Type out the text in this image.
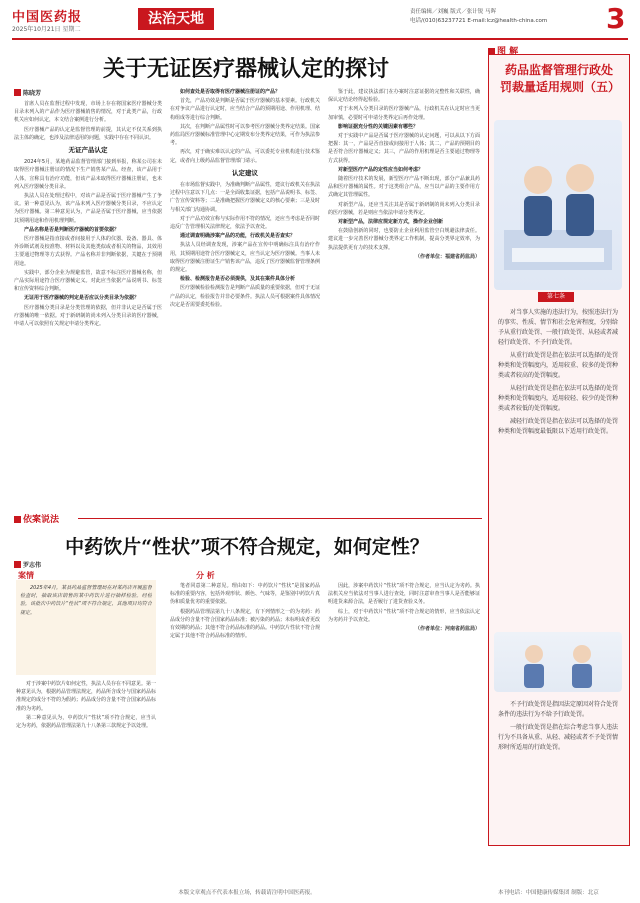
中国医药报
2025年10月21日 星期二
法治天地	责任编辑／刘巍 版式／张计锐 马晖
电话/(010)63237721 E-mail:lcz@health-china.com 3
关于无证医疗器械认定的探讨
陈晓芳

首席人员在监督过程中发现，市场上存在将国家医疗器械分类目录未列入的产品作为医疗器械销售的情况，对于此类产品，行政机关应如何认定，本文结合案例进行分析。

医疗器械产品的认定是监督管理的前提，其认定不仅关系到执法主体的确定，也涉及法律适用的问题，实践中存在不同认识。

无证产品认定

2024年5月，某地药品监督管理部门接到举报，称某公司在未取得医疗器械注册证的情况下生产销售某产品。经查，该产品用于人体，宣称具有治疗功能，但该产品未取得医疗器械注册证，也未列入医疗器械分类目录。

执法人员在处理过程中，对该产品是否属于医疗器械产生了争议。第一种意见认为，该产品未列入医疗器械分类目录，不应认定为医疗器械。第二种意见认为，产品是否属于医疗器械，应当依据其预期用途和作用机理判断。

产品名称是否是判断医疗器械的首要依据？

医疗器械是指直接或者间接用于人体的仪器、设备、器具、体外诊断试剂及校准物、材料以及其他类似或者相关的物品，其效用主要通过物理等方式获得。产品名称并非判断依据，关键在于预期用途。

实践中，部分企业为规避监管，故意不标注医疗器械名称，但产品实际用途符合医疗器械定义。对此应当依据产品说明书、标签和宣传资料综合判断。

无证用于医疗器械的判定是否应以分类目录为依据？

医疗器械分类目录是分类管理的依据，但并非认定是否属于医疗器械的唯一依据。对于新研制的尚未列入分类目录的医疗器械，申请人可以依照有关规定申请分类界定。

如何查处是否取得有医疗器械注册证的产品？

首先，产品功效是判断是否属于医疗器械的基本要素。行政机关在对争议产品进行认定时，应当结合产品的预期用途、作用机理、结构组成等进行综合判断。

其次，在判断产品属性时可以参考医疗器械分类界定结果。国家药监局医疗器械标准管理中心定期发布分类界定结果，可作为执法参考。

再次，对于确实难以认定的产品，可以委托专业机构进行技术鉴定，或者向上级药品监督管理部门请示。

认定建议

在市场监督实践中，为准确判断产品属性，建议行政机关在执法过程中注意以下几点：一是全面收集证据，包括产品说明书、标签、广告宣传资料等；二是准确把握医疗器械定义的核心要素；三是及时与相关部门沟通协调。

对于产品功效宣称与实际作用不符的情况，还应当考虑是否同时违反广告管理相关法律规定，依法予以查处。

通过调查明确涉案产品的功能，行政机关是否查实？

执法人员经调查发现，涉案产品在宣传中明确标注具有治疗作用，其预期用途符合医疗器械定义，应当认定为医疗器械。当事人未取得医疗器械注册证生产销售该产品，违反了医疗器械监督管理条例的规定。

检验、检测报告是否必须提供，及其在案件具体分析

医疗器械检验检测报告是判断产品质量的重要依据，但对于无证产品的认定，检验报告并非必要条件。执法人员可根据案件具体情况决定是否需要委托检验。

鉴于此，建议执法部门在办案时注意证据的完整性和关联性，确保认定结论经得起检验。

对于未列入分类目录的医疗器械产品，行政机关在认定时应当更加审慎，必要时可申请分类界定后再作处理。

影响证据充分性的关键因素有哪些？

对于实践中产品是否属于医疗器械的认定问题，可以从以下方面把握：其一，产品是否直接或间接用于人体；其二，产品的预期目的是否符合医疗器械定义；其三，产品的作用机理是否主要通过物理等方式获得。

对新型医疗产品的定性应当如何考虑？

随着医疗技术的发展，新型医疗产品不断出现，部分产品兼具药品和医疗器械的属性。对于这类组合产品，应当以产品的主要作用方式确定其管理属性。

对新型产品，还应当关注其是否属于新研制的尚未列入分类目录的医疗器械，若是则应当依法申请分类界定。

对新型产品，法律应规定新方式，操作企业创新

在鼓励创新的同时，也要防止企业利用监管空白规避法律责任。建议进一步完善医疗器械分类界定工作机制，提高分类界定效率，为执法提供更有力的技术支撑。

（作者单位：福建省药监局）

图 解
药品监督管理行政处罚裁量适用规则（五）
第七条

对当事人实施的违法行为，按照违法行为的事实、性质、情节和社会危害程度，分别给予从重行政处罚、一般行政处罚、从轻或者减轻行政处罚、不予行政处罚。

从重行政处罚是指在依法可以选择的处罚种类和处罚幅度内，适用较重、较多的处罚种类或者较高的处罚幅度。

从轻行政处罚是指在依法可以选择的处罚种类和处罚幅度内，适用较轻、较少的处罚种类或者较低的处罚幅度。

减轻行政处罚是指在依法可以选择的处罚种类和处罚幅度最低限以下适用行政处罚。

不予行政处罚是指因法定原因对符合处罚条件的违法行为不给予行政处罚。

一般行政处罚是指在综合考虑当事人违法行为不具备从重、从轻、减轻或者不予处罚情形时所适用的行政处罚。

依案说法
中药饮片“性状”项不符合规定，如何定性？
罗志伟
案情

2025年4月，某县药品监督管理局在对某药店开展监督检查时，抽取该店销售的某中药饮片进行抽样检验。经检验，该批次中药饮片“性状”项不符合规定，其他项目均符合规定。

分 析

对于涉案中药饮片如何定性，执法人员存在不同意见。第一种意见认为，根据药品管理法规定，药品所含成分与国家药品标准规定的成分不符的为假药；药品成分的含量不符合国家药品标准的为劣药。

第二种意见认为，中药饮片“性状”项不符合规定，应当认定为劣药，依据药品管理法第九十八条第三款规定予以处理。

笔者同意第二种意见。理由如下：中药饮片“性状”是国家药品标准的重要内容，包括外观形状、颜色、气味等，是鉴别中药饮片真伪和质量优劣的重要依据。

根据药品管理法第九十八条规定，有下列情形之一的为劣药：药品成分的含量不符合国家药品标准；被污染的药品；未标明或者更改有效期的药品；其他不符合药品标准的药品。中药饮片性状不符合规定属于其他不符合药品标准的情形。

因此，涉案中药饮片“性状”项不符合规定，应当认定为劣药。执法机关应当依法对当事人进行查处，同时注意审查当事人是否能够证明进货来源合法，是否履行了进货查验义务。

综上，对于中药饮片“性状”项不符合规定的情形，应当依法认定为劣药并予以查处。

（作者单位：河南省药监局）

本版文章观点不代表本报立场，转载请注明中国医药报。	本刊电话：中国健康传媒集团 制版：北京
